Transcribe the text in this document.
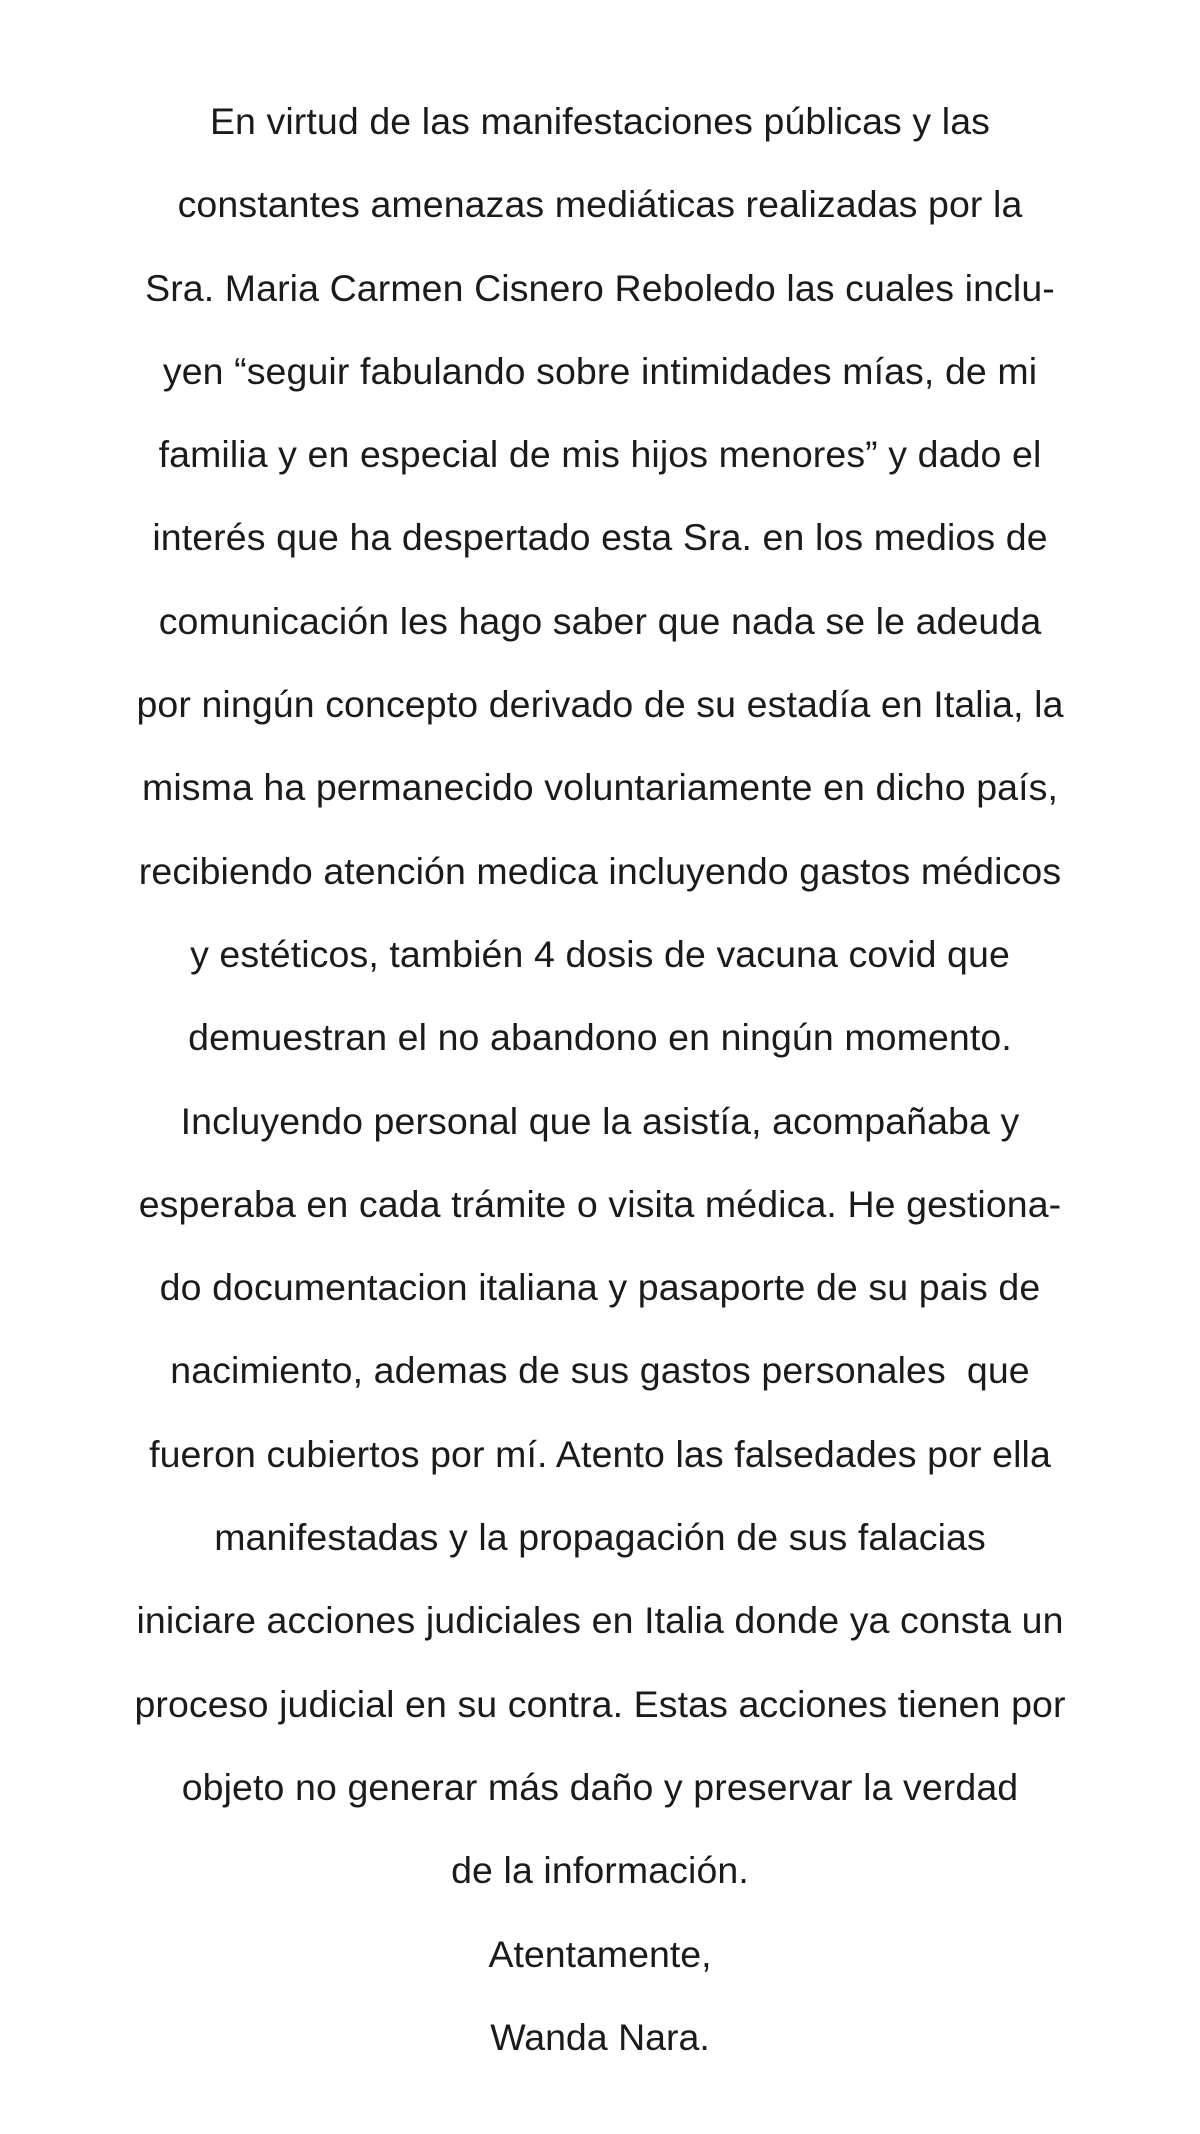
En virtud de las manifestaciones públicas y las
constantes amenazas mediáticas realizadas por la
Sra. Maria Carmen Cisnero Reboledo las cuales inclu-
yen “seguir fabulando sobre intimidades mías, de mi
familia y en especial de mis hijos menores” y dado el
interés que ha despertado esta Sra. en los medios de
comunicación les hago saber que nada se le adeuda
por ningún concepto derivado de su estadía en Italia, la
misma ha permanecido voluntariamente en dicho país,
recibiendo atención medica incluyendo gastos médicos
y estéticos, también 4 dosis de vacuna covid que
demuestran el no abandono en ningún momento.
Incluyendo personal que la asistía, acompañaba y
esperaba en cada trámite o visita médica. He gestiona-
do documentacion italiana y pasaporte de su pais de
nacimiento, ademas de sus gastos personales  que
fueron cubiertos por mí. Atento las falsedades por ella
manifestadas y la propagación de sus falacias
iniciare acciones judiciales en Italia donde ya consta un
proceso judicial en su contra. Estas acciones tienen por
objeto no generar más daño y preservar la verdad
de la información.
Atentamente,
Wanda Nara.
